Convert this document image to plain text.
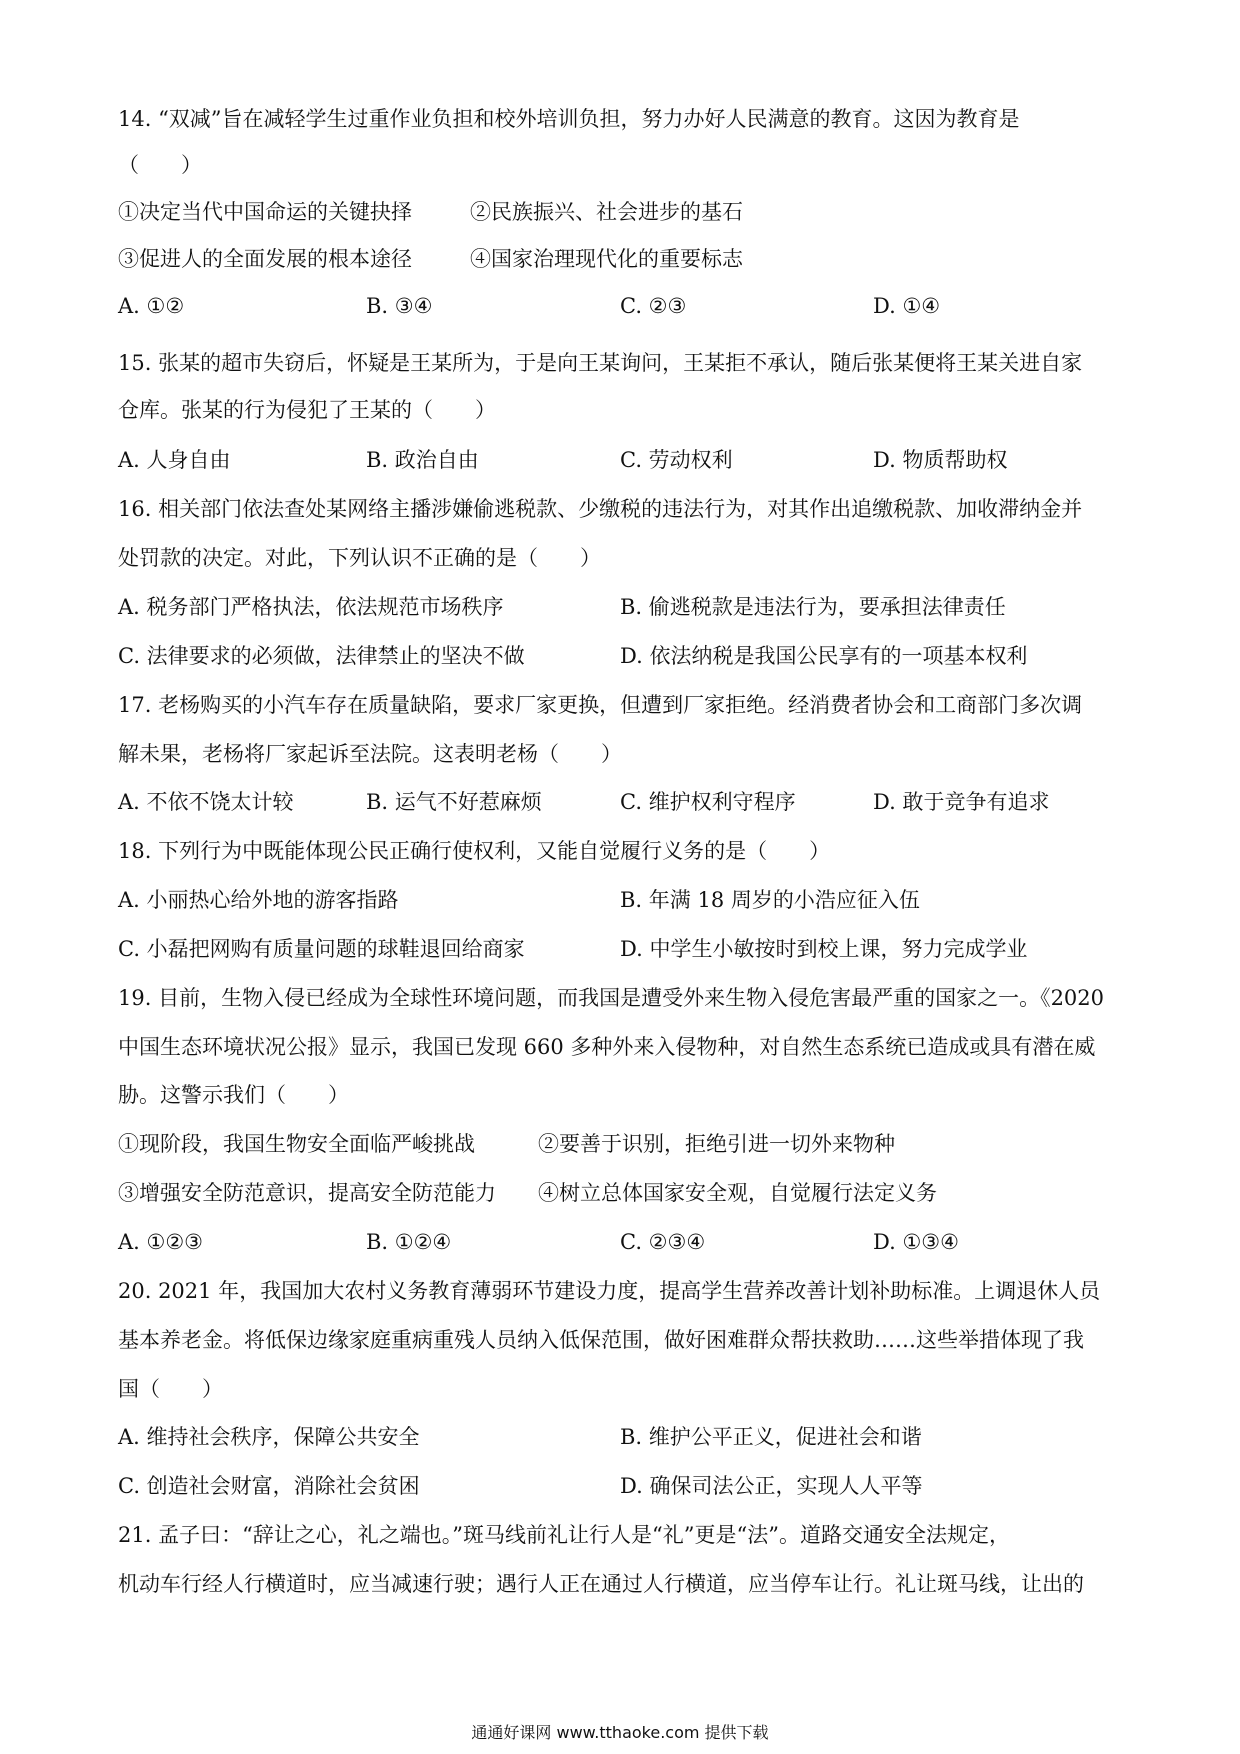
14. “双减”旨在减轻学生过重作业负担和校外培训负担，努力办好人民满意的教育。这因为教育是
（　　）
①决定当代中国命运的关键抉择	②民族振兴、社会进步的基石
③促进人的全面发展的根本途径	④国家治理现代化的重要标志
A. ①②	B. ③④	C. ②③	D. ①④
15. 张某的超市失窃后，怀疑是王某所为，于是向王某询问，王某拒不承认，随后张某便将王某关进自家
仓库。张某的行为侵犯了王某的（　　）
A. 人身自由	B. 政治自由	C. 劳动权利	D. 物质帮助权
16. 相关部门依法查处某网络主播涉嫌偷逃税款、少缴税的违法行为，对其作出追缴税款、加收滞纳金并
处罚款的决定。对此，下列认识不正确的是（　　）
A. 税务部门严格执法，依法规范市场秩序	B. 偷逃税款是违法行为，要承担法律责任
C. 法律要求的必须做，法律禁止的坚决不做	D. 依法纳税是我国公民享有的一项基本权利
17. 老杨购买的小汽车存在质量缺陷，要求厂家更换，但遭到厂家拒绝。经消费者协会和工商部门多次调
解未果，老杨将厂家起诉至法院。这表明老杨（　　）
A. 不依不饶太计较	B. 运气不好惹麻烦	C. 维护权利守程序	D. 敢于竞争有追求
18. 下列行为中既能体现公民正确行使权利，又能自觉履行义务的是（　　）
A. 小丽热心给外地的游客指路	B. 年满 18 周岁的小浩应征入伍
C. 小磊把网购有质量问题的球鞋退回给商家	D. 中学生小敏按时到校上课，努力完成学业
19. 目前，生物入侵已经成为全球性环境问题，而我国是遭受外来生物入侵危害最严重的国家之一。《2020
中国生态环境状况公报》显示，我国已发现 660 多种外来入侵物种，对自然生态系统已造成或具有潜在威
胁。这警示我们（　　）
①现阶段，我国生物安全面临严峻挑战	②要善于识别，拒绝引进一切外来物种
③增强安全防范意识，提高安全防范能力 ④树立总体国家安全观，自觉履行法定义务
A. ①②③	B. ①②④	C. ②③④	D. ①③④
20. 2021 年，我国加大农村义务教育薄弱环节建设力度，提高学生营养改善计划补助标准。上调退休人员
基本养老金。将低保边缘家庭重病重残人员纳入低保范围，做好困难群众帮扶救助……这些举措体现了我
国（　　）
A. 维持社会秩序，保障公共安全	B. 维护公平正义，促进社会和谐
C. 创造社会财富，消除社会贫困	D. 确保司法公正，实现人人平等
21. 孟子曰：“辞让之心，礼之端也。”斑马线前礼让行人是“礼”更是“法”。道路交通安全法规定，
机动车行经人行横道时，应当减速行驶；遇行人正在通过人行横道，应当停车让行。礼让斑马线，让出的
通通好课网 www.tthaoke.com 提供下载
